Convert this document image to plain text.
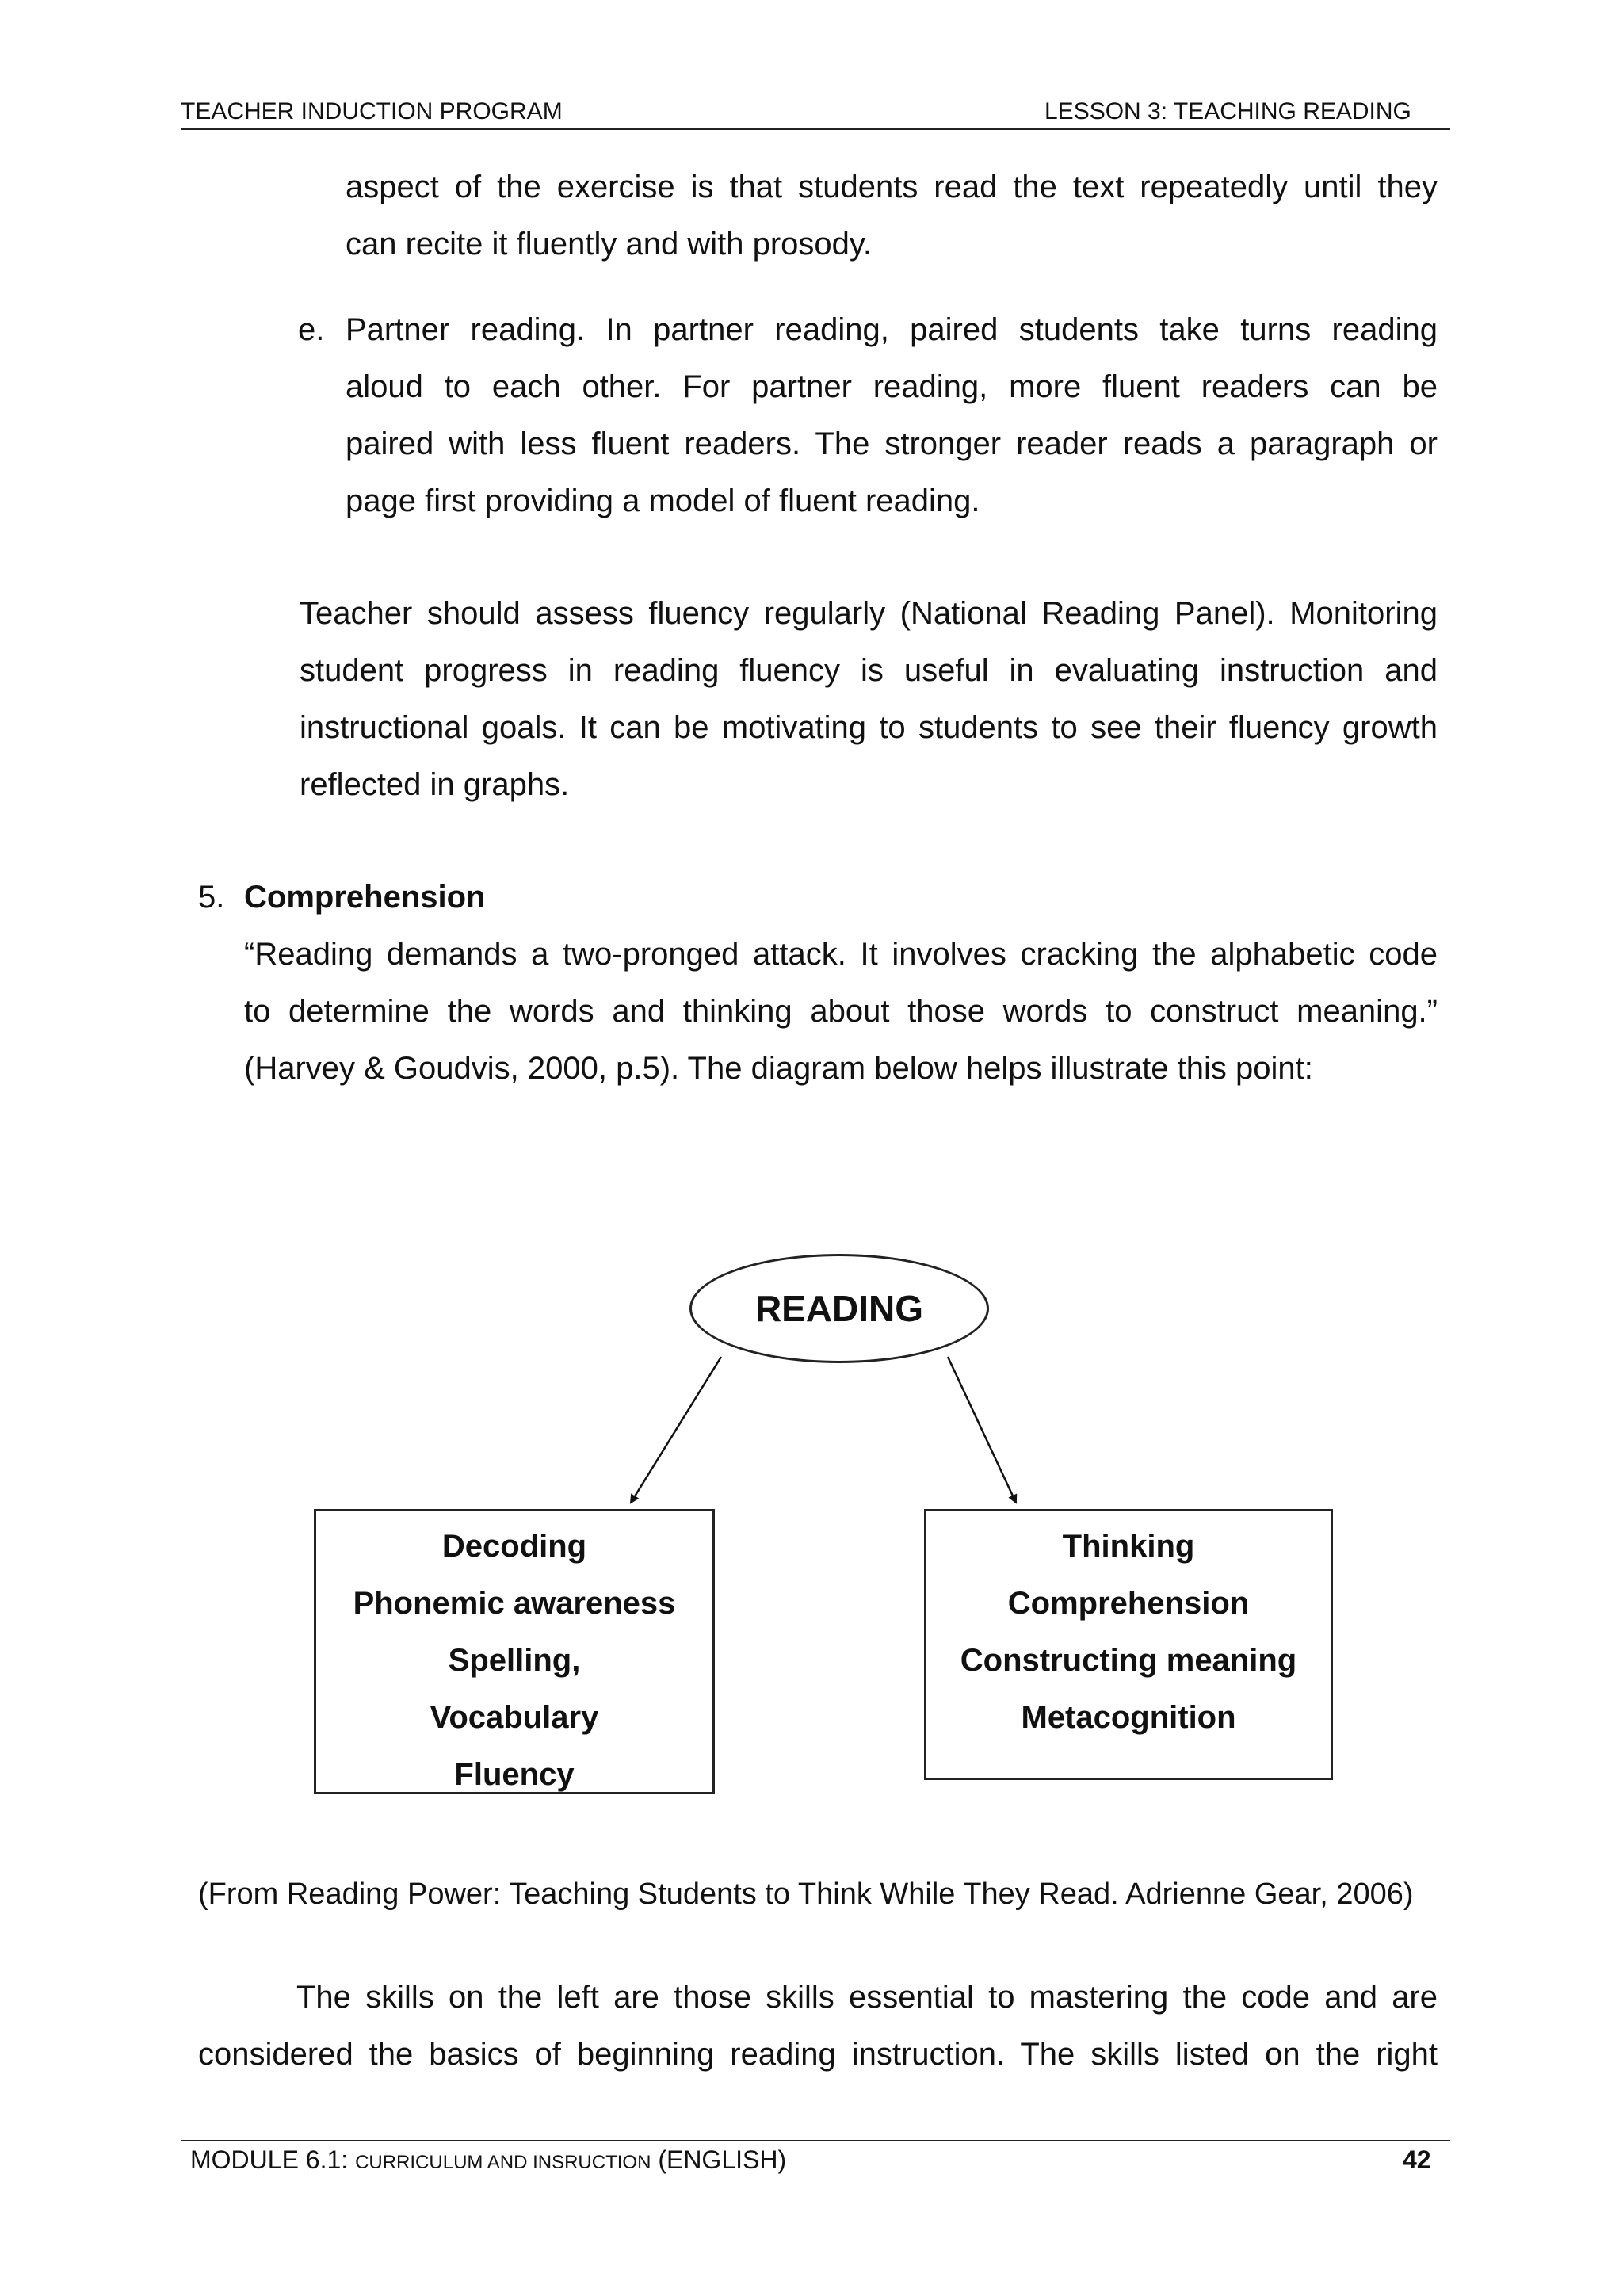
TEACHER INDUCTION PROGRAM	LESSON 3: TEACHING READING
aspect of the exercise is that students read the text repeatedly until they
can recite it fluently and with prosody.
e. Partner reading. In partner reading, paired students take turns reading
aloud to each other. For partner reading, more fluent readers can be
paired with less fluent readers. The stronger reader reads a paragraph or
page first providing a model of fluent reading.
Teacher should assess fluency regularly (National Reading Panel). Monitoring
student progress in reading fluency is useful in evaluating instruction and
instructional goals. It can be motivating to students to see their fluency growth
reflected in graphs.
5. Comprehension
“Reading demands a two-pronged attack. It involves cracking the alphabetic code
to determine the words and thinking about those words to construct meaning.”
(Harvey & Goudvis, 2000, p.5). The diagram below helps illustrate this point:
READING
Decoding
Phonemic awareness
Spelling,
Vocabulary
Fluency
Thinking
Comprehension
Constructing meaning
Metacognition
(From Reading Power: Teaching Students to Think While They Read. Adrienne Gear, 2006)
The skills on the left are those skills essential to mastering the code and are
considered the basics of beginning reading instruction. The skills listed on the right
MODULE 6.1: CURRICULUM AND INSRUCTION (ENGLISH)	42
